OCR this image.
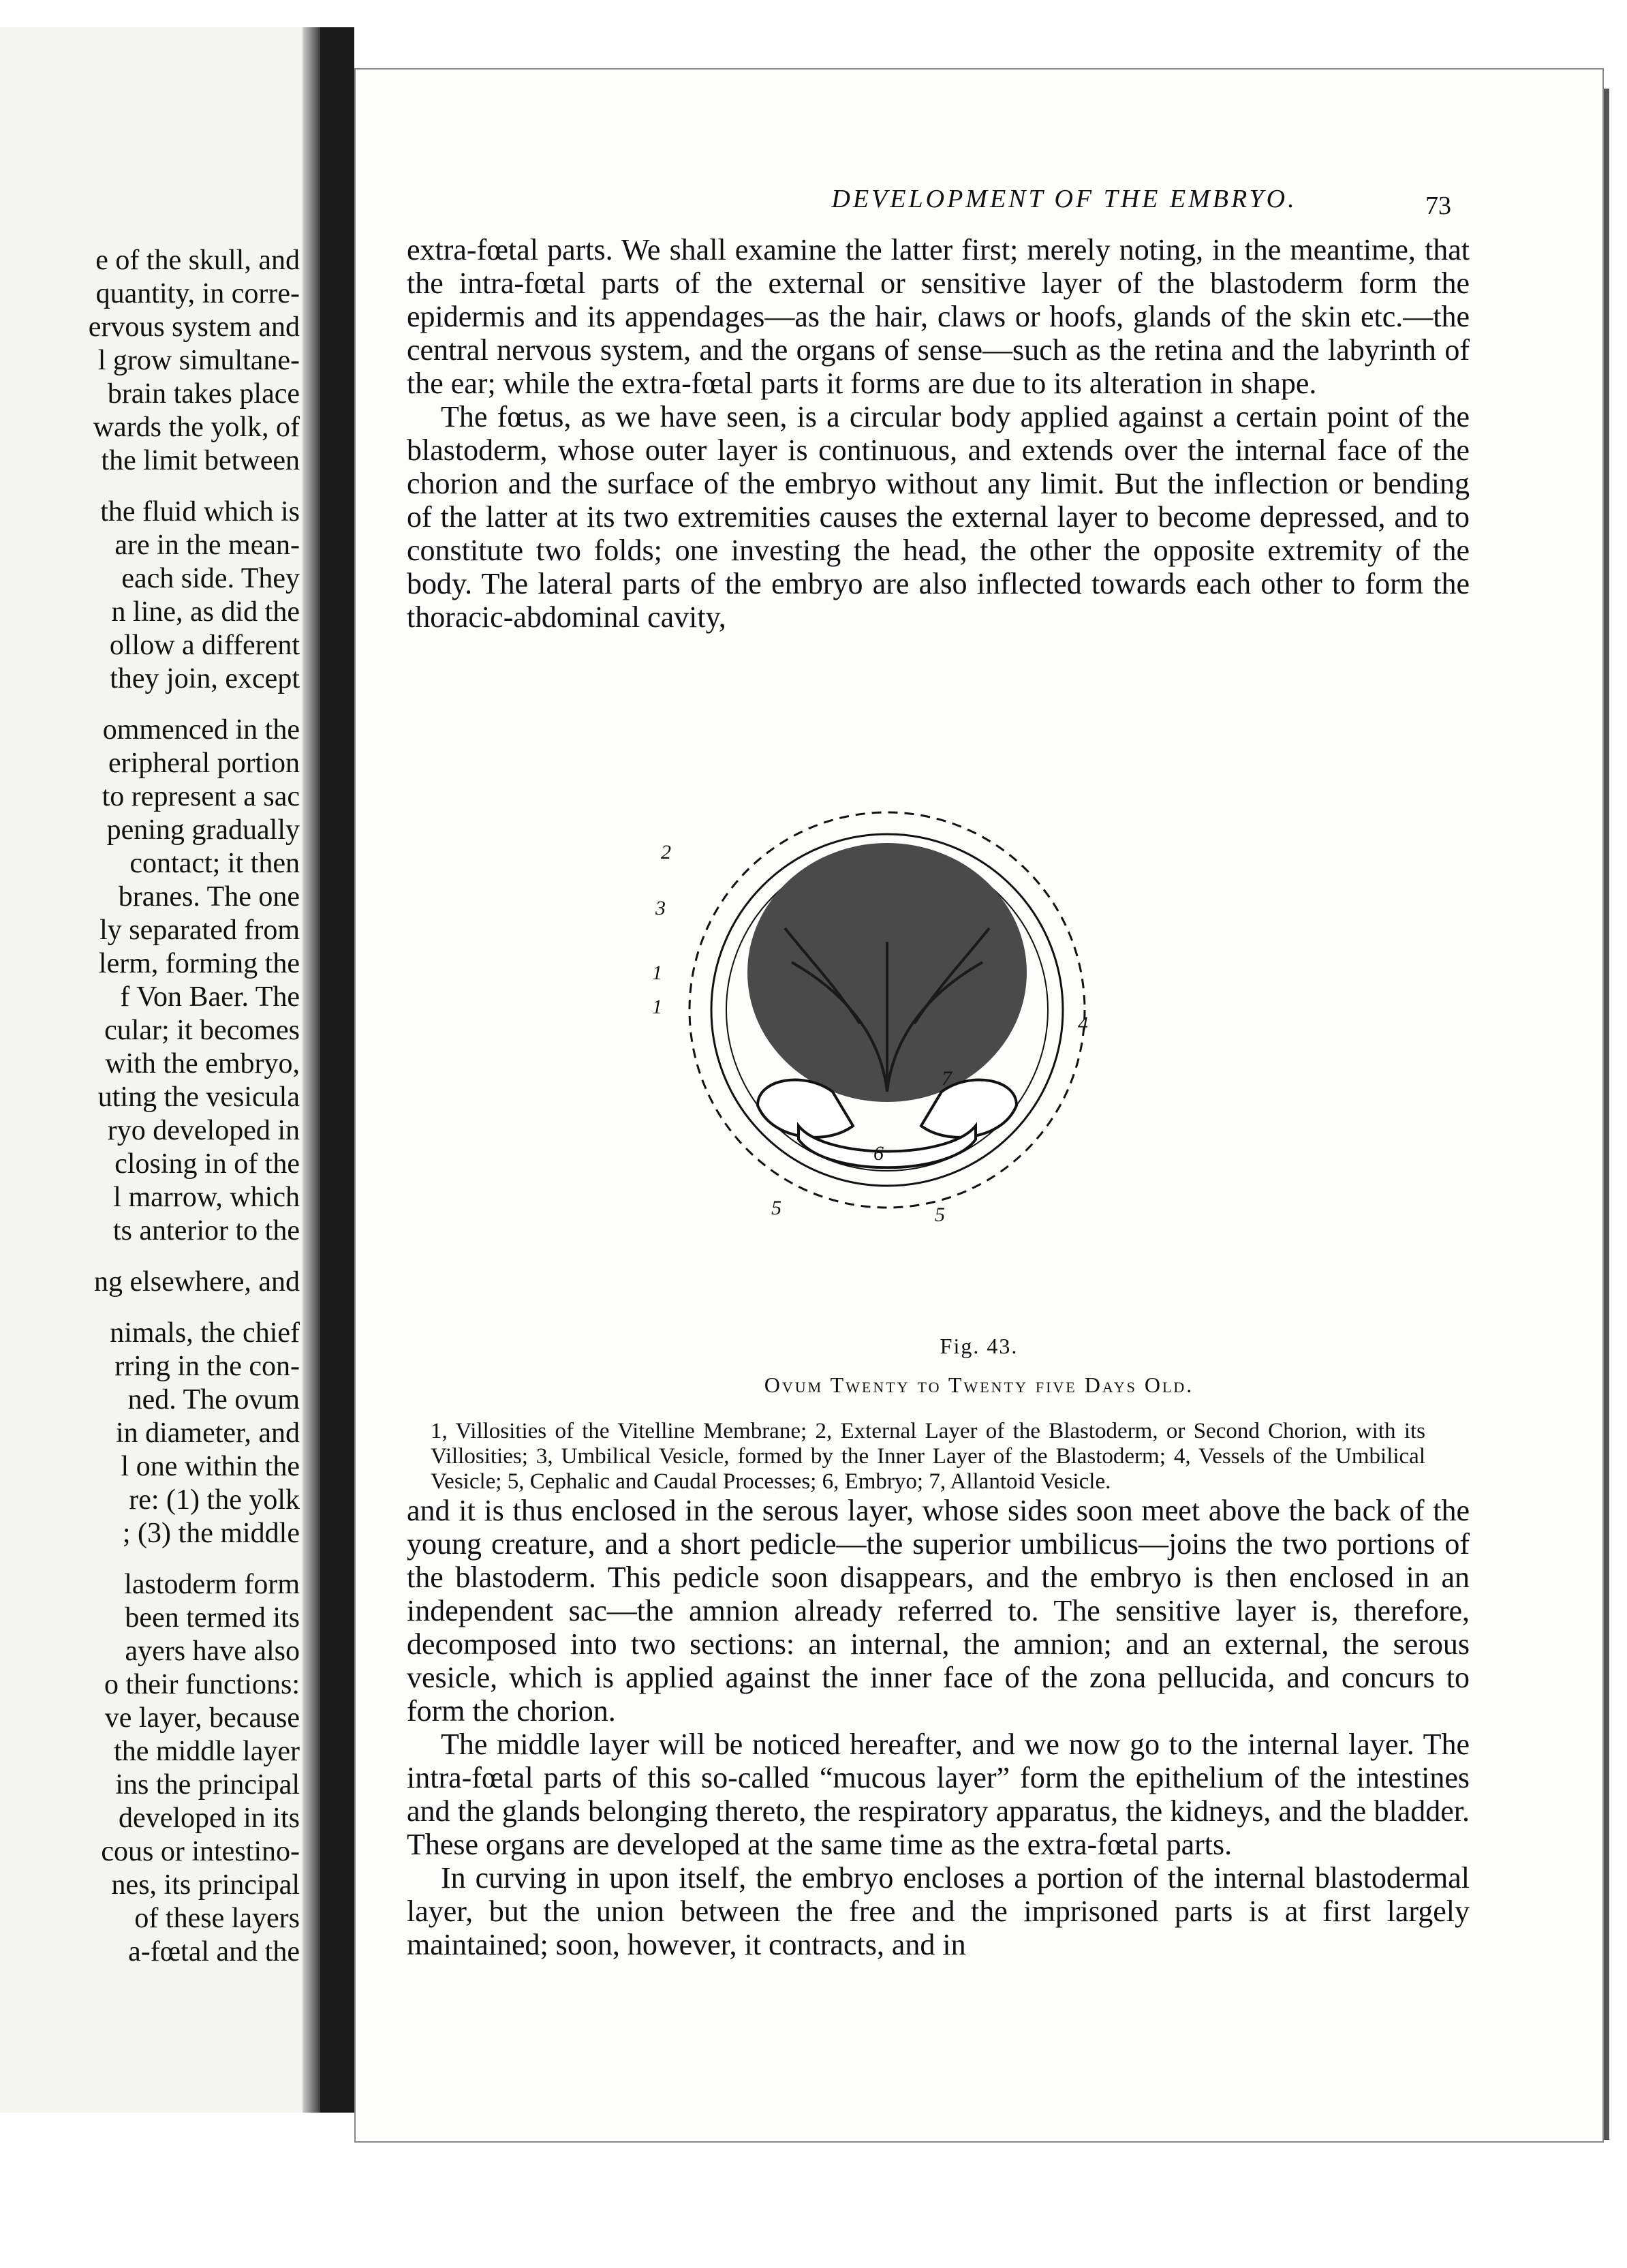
e of the skull, and
quantity, in corre-
ervous system and
l grow simultane-
brain takes place
wards the yolk, of
the limit between
the fluid which is
are in the mean-
each side. They
n line, as did the
ollow a different
they join, except
ommenced in the
eripheral portion
to represent a sac
pening gradually
contact; it then
branes. The one
ly separated from
lerm, forming the
f Von Baer. The
cular; it becomes
with the embryo,
uting the vesicula
ryo developed in
closing in of the
l marrow, which
ts anterior to the
ng elsewhere, and
nimals, the chief
rring in the con-
ned. The ovum
in diameter, and
l one within the
re: (1) the yolk
; (3) the middle
lastoderm form
been termed its
ayers have also
o their functions:
ve layer, because
the middle layer
ins the principal
developed in its
cous or intestino-
nes, its principal
of these layers
a-fœtal and the
DEVELOPMENT OF THE EMBRYO.	73

extra-fœtal parts. We shall examine the latter first; merely noting, in the meantime, that the intra-fœtal parts of the external or sensitive layer of the blastoderm form the epidermis and its appendages—as the hair, claws or hoofs, glands of the skin etc.—the central nervous system, and the organs of sense—such as the retina and the labyrinth of the ear; while the extra-fœtal parts it forms are due to its alteration in shape.

The fœtus, as we have seen, is a circular body applied against a certain point of the blastoderm, whose outer layer is continuous, and extends over the internal face of the chorion and the surface of the embryo without any limit. But the inflection or bending of the latter at its two extremities causes the external layer to become depressed, and to constitute two folds; one investing the head, the other the opposite extremity of the body. The lateral parts of the embryo are also inflected towards each other to form the thoracic-abdominal cavity,

2
3
1
1
4
7
6
5	5
Fig. 43.
Ovum Twenty to Twenty five Days Old.
1, Villosities of the Vitelline Membrane; 2, External Layer of the Blastoderm, or Second Chorion, with its Villosities; 3, Umbilical Vesicle, formed by the Inner Layer of the Blastoderm; 4, Vessels of the Umbilical Vesicle; 5, Cephalic and Caudal Processes; 6, Embryo; 7, Allantoid Vesicle.

and it is thus enclosed in the serous layer, whose sides soon meet above the back of the young creature, and a short pedicle—the superior umbilicus—joins the two portions of the blastoderm. This pedicle soon disappears, and the embryo is then enclosed in an independent sac—the amnion already referred to. The sensitive layer is, therefore, decomposed into two sections: an internal, the amnion; and an external, the serous vesicle, which is applied against the inner face of the zona pellucida, and concurs to form the chorion.

The middle layer will be noticed hereafter, and we now go to the internal layer. The intra-fœtal parts of this so-called “mucous layer” form the epithelium of the intestines and the glands belonging thereto, the respiratory apparatus, the kidneys, and the bladder. These organs are developed at the same time as the extra-fœtal parts.

In curving in upon itself, the embryo encloses a portion of the internal blastodermal layer, but the union between the free and the imprisoned parts is at first largely maintained; soon, however, it contracts, and in
